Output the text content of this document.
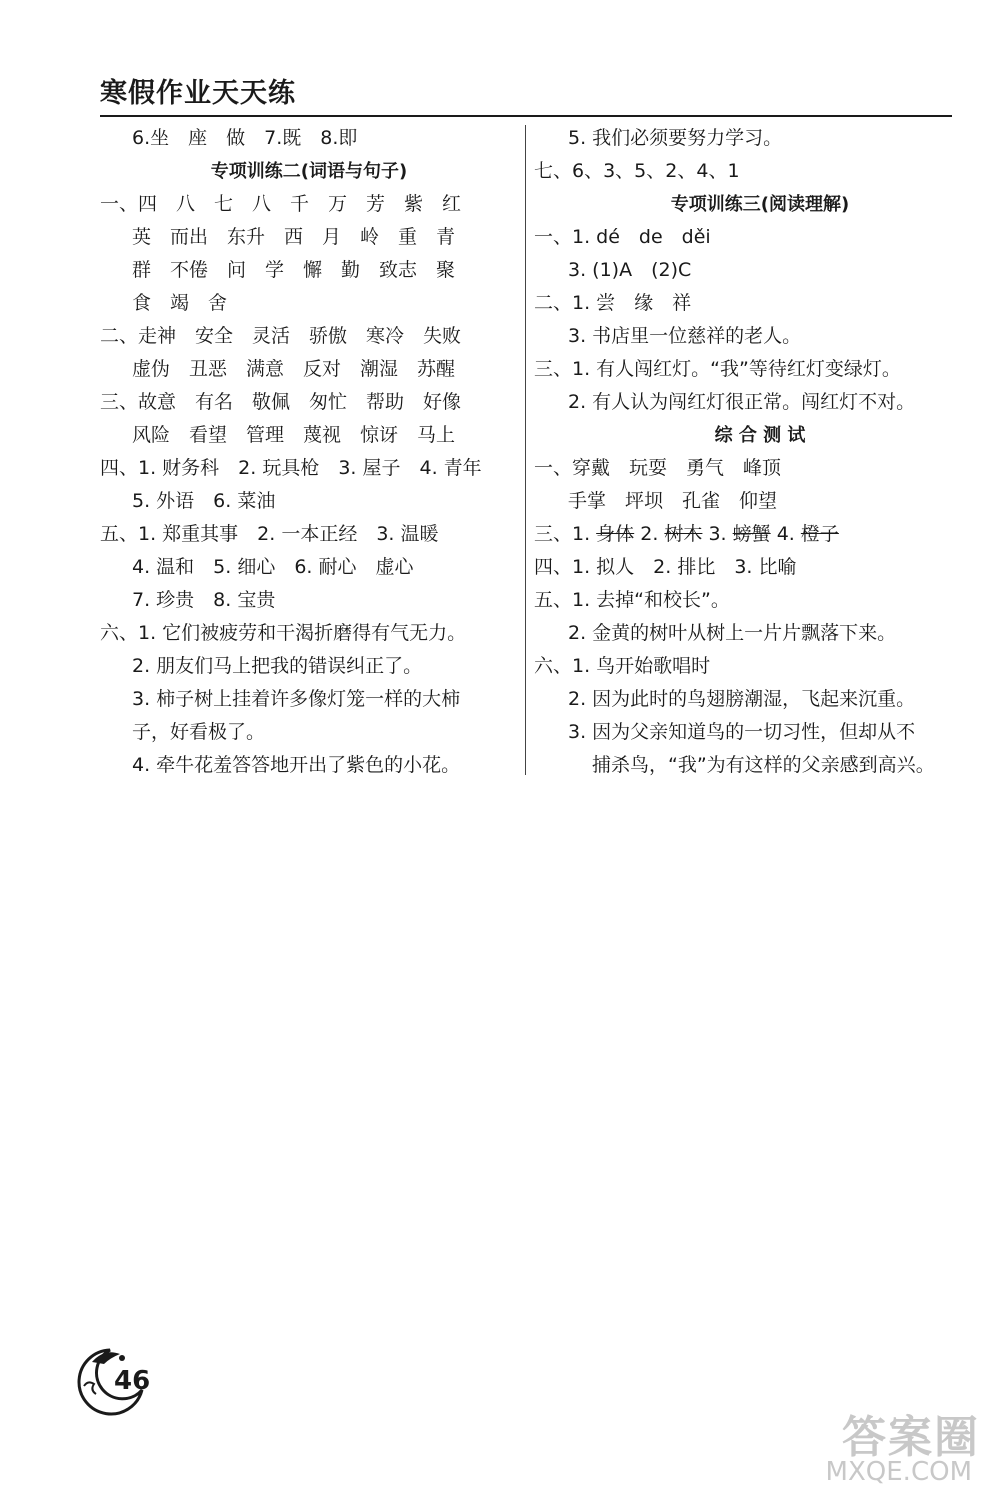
寒假作业天天练
6.坐　座　做　7.既　8.即
专项训练二(词语与句子)
一、四　八　七　八　千　万　芳　紫　红
英　而出　东升　西　月　岭　重　青
群　不倦　问　学　懈　勤　致志　聚
食　竭　舍
二、走神　安全　灵活　骄傲　寒冷　失败
虚伪　丑恶　满意　反对　潮湿　苏醒
三、故意　有名　敬佩　匆忙　帮助　好像
风险　看望　管理　蔑视　惊讶　马上
四、1. 财务科　2. 玩具枪　3. 屋子　4. 青年
5. 外语　6. 菜油
五、1. 郑重其事　2. 一本正经　3. 温暖
4. 温和　5. 细心　6. 耐心　虚心
7. 珍贵　8. 宝贵
六、1. 它们被疲劳和干渴折磨得有气无力。
2. 朋友们马上把我的错误纠正了。
3. 柿子树上挂着许多像灯笼一样的大柿
子，好看极了。
4. 牵牛花羞答答地开出了紫色的小花。
5. 我们必须要努力学习。
七、6、3、5、2、4、1
专项训练三(阅读理解)
一、1. dé　de　děi
3. (1)A　(2)C
二、1. 尝　缘　祥
3. 书店里一位慈祥的老人。
三、1. 有人闯红灯。“我”等待红灯变绿灯。
2. 有人认为闯红灯很正常。闯红灯不对。
综 合 测 试
一、穿戴　玩耍　勇气　峰顶
手掌　坪坝　孔雀　仰望
三、1. 身体 2. 树木 3. 螃蟹 4. 橙子
四、1. 拟人　2. 排比　3. 比喻
五、1. 去掉“和校长”。
2. 金黄的树叶从树上一片片飘落下来。
六、1. 鸟开始歌唱时
2. 因为此时的鸟翅膀潮湿，飞起来沉重。
3. 因为父亲知道鸟的一切习性，但却从不
捕杀鸟，“我”为有这样的父亲感到高兴。
46
答案圈
MXQE.COM
